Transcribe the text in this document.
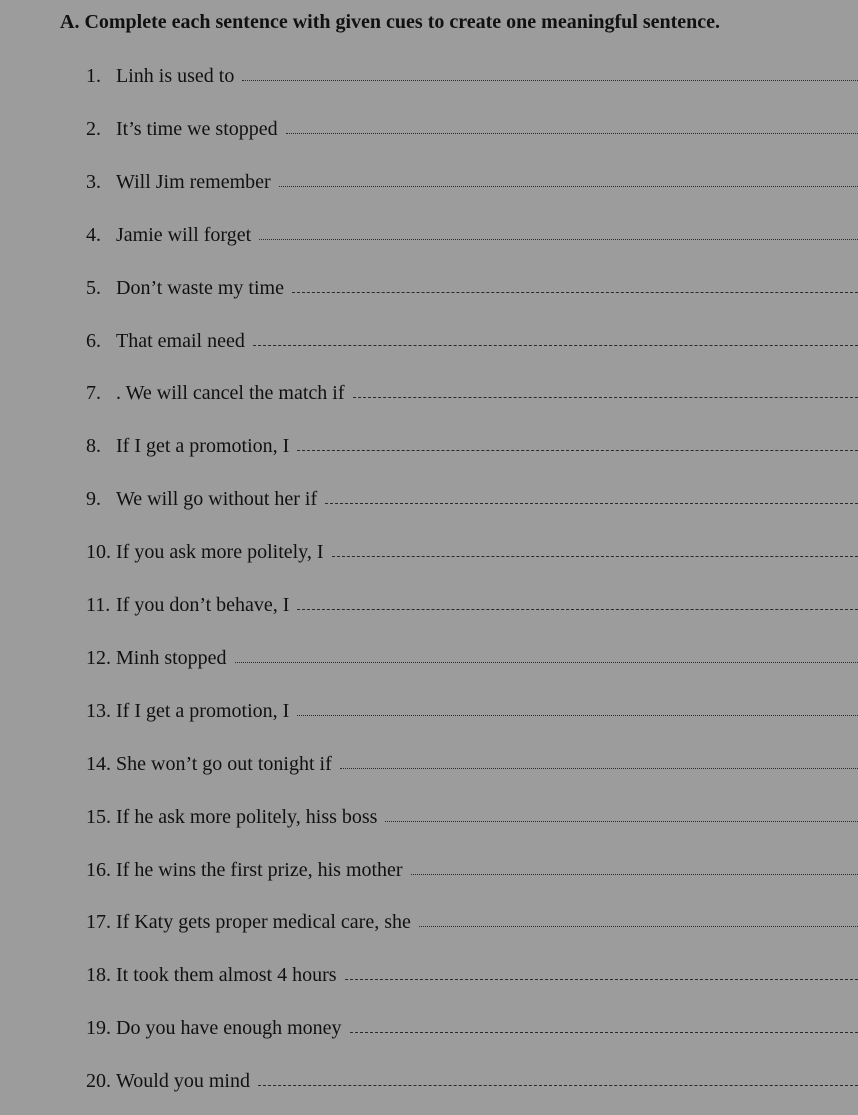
A. Complete each sentence with given cues to create one meaningful sentence.
1. Linh is used to
2. It’s time we stopped
3. Will Jim remember
4. Jamie will forget
5. Don’t waste my time
6. That email need
7. . We will cancel the match if
8. If I get a promotion, I
9. We will go without her if
10. If you ask more politely, I
11. If you don’t behave, I
12. Minh stopped
13. If I get a promotion, I
14. She won’t go out tonight if
15. If he ask more politely, hiss boss
16. If he wins the first prize, his mother
17. If Katy gets proper medical care, she
18. It took them almost 4 hours
19. Do you have enough money
20. Would you mind
